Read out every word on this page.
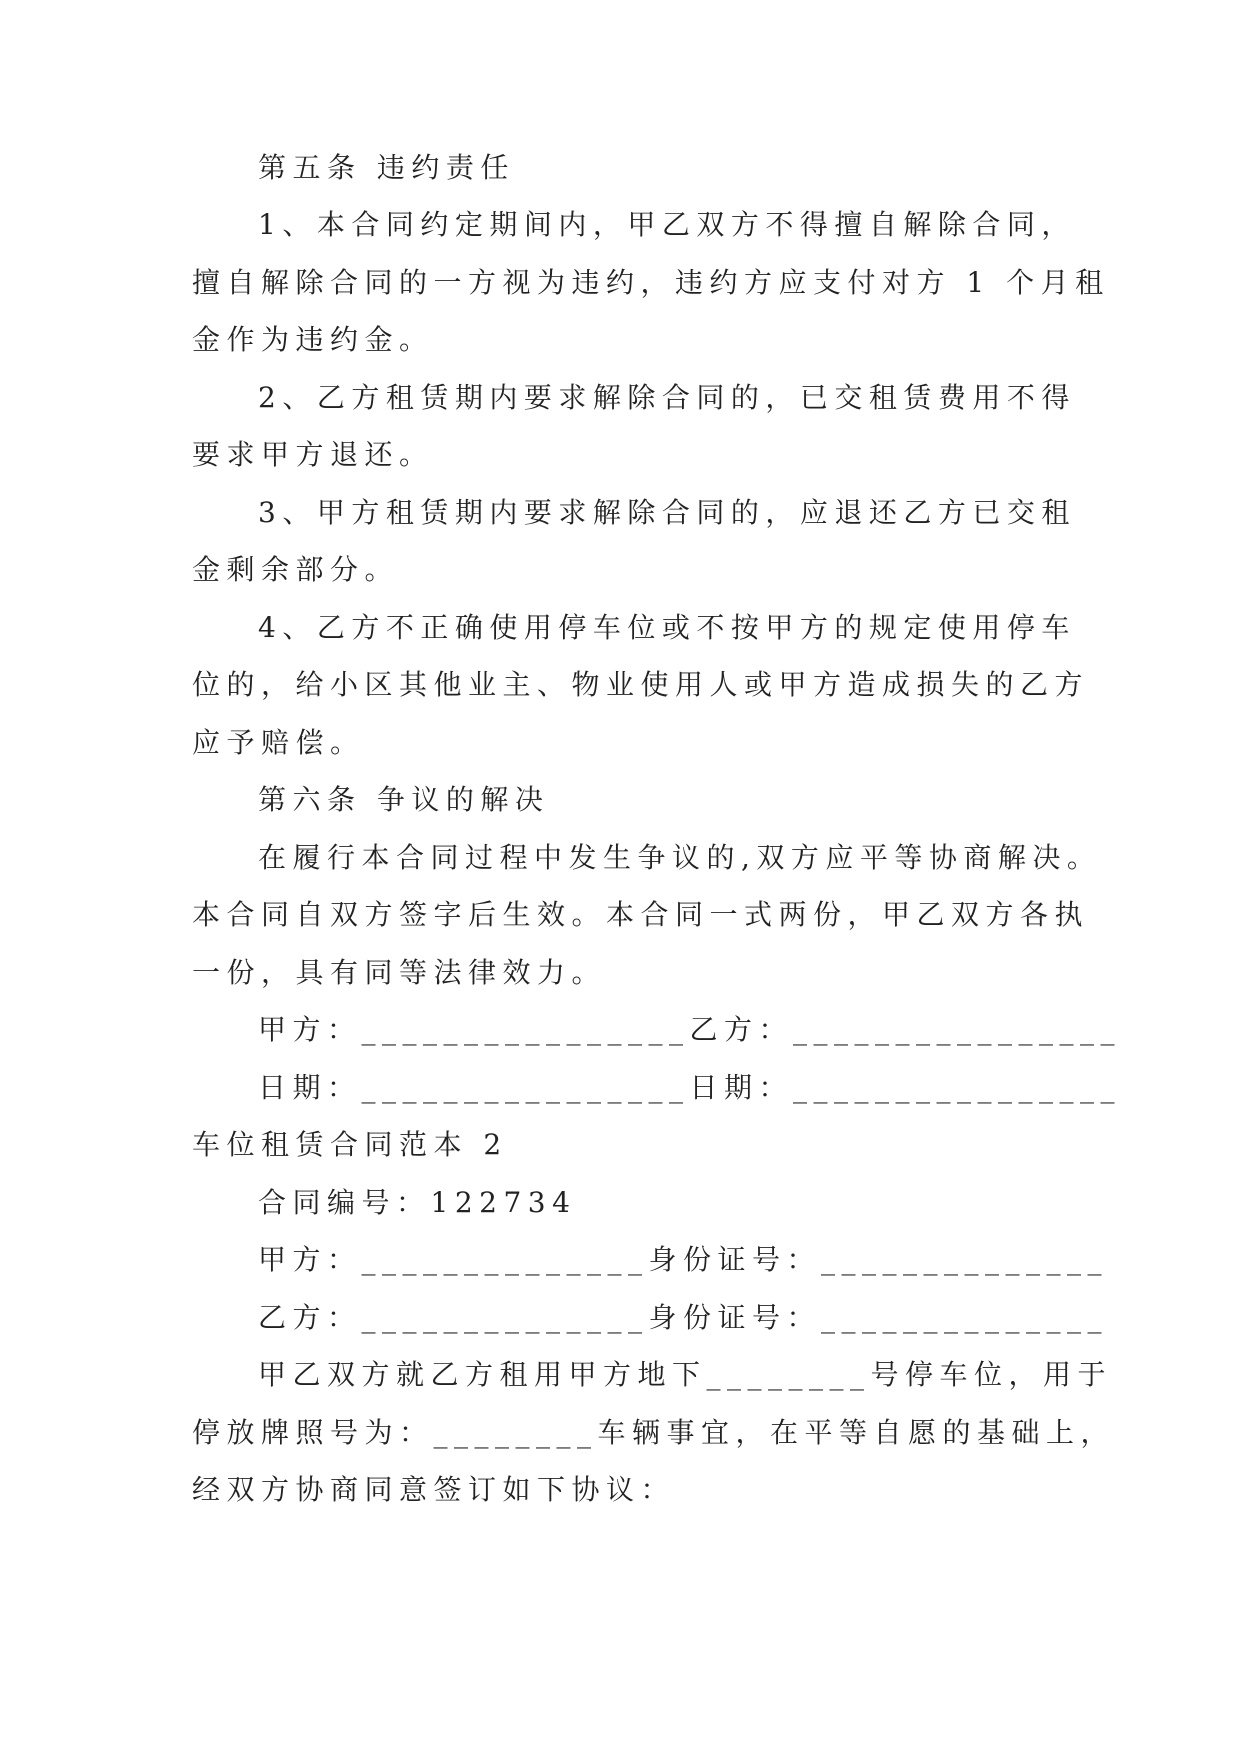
第五条 违约责任
1、本合同约定期间内，甲乙双方不得擅自解除合同，
擅自解除合同的一方视为违约，违约方应支付对方 1 个月租
金作为违约金。
2、乙方租赁期内要求解除合同的，已交租赁费用不得
要求甲方退还。
3、甲方租赁期内要求解除合同的，应退还乙方已交租
金剩余部分。
4、乙方不正确使用停车位或不按甲方的规定使用停车
位的，给小区其他业主、物业使用人或甲方造成损失的乙方
应予赔偿。
第六条 争议的解决
在履行本合同过程中发生争议的,双方应平等协商解决。
本合同自双方签字后生效。本合同一式两份，甲乙双方各执
一份，具有同等法律效力。
甲方：________________乙方：________________
日期：________________日期：________________
车位租赁合同范本 2
合同编号：122734
甲方：______________身份证号：______________
乙方：______________身份证号：______________
甲乙双方就乙方租用甲方地下________号停车位，用于
停放牌照号为：________车辆事宜，在平等自愿的基础上，
经双方协商同意签订如下协议：
